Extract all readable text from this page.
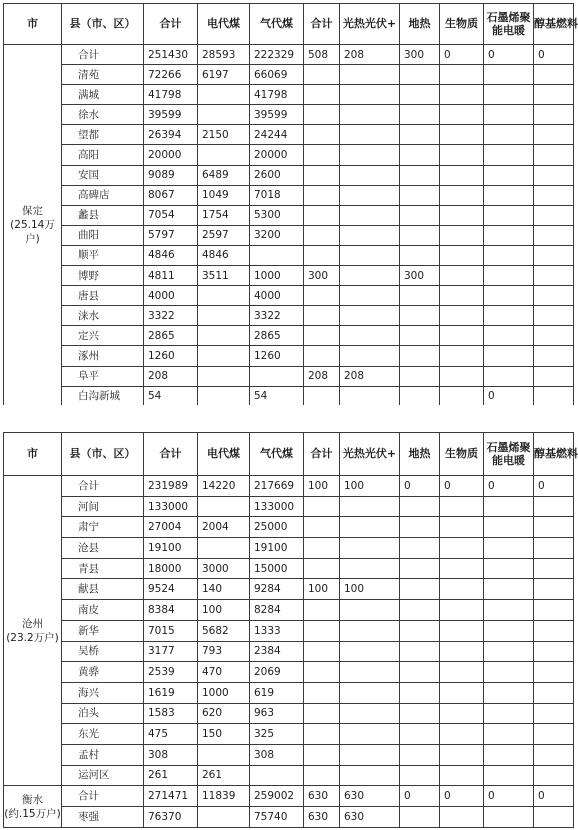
市	县（市、区）	合计	电代煤	气代煤	合计	光热光伏+	地热	生物质	石墨烯聚能电暖	醇基燃料

保定
(25.14万户)	合计	251430	28593	222329	508	208	300	0	0	0
	清苑	72266	6197	66069						
	满城	41798		41798						
	徐水	39599		39599						
	望都	26394	2150	24244						
	高阳	20000		20000						
	安国	9089	6489	2600						
	高碑店	8067	1049	7018						
	蠡县	7054	1754	5300						
	曲阳	5797	2597	3200						
	顺平	4846	4846							
	博野	4811	3511	1000	300		300			
	唐县	4000		4000						
	涞水	3322		3322						
	定兴	2865		2865						
	涿州	1260		1260						
	阜平	208			208	208				
	白沟新城	54		54					0	
市	县（市、区）	合计	电代煤	气代煤	合计	光热光伏+	地热	生物质	石墨烯聚能电暖	醇基燃料

沧州
(23.2万户)	合计	231989	14220	217669	100	100	0	0	0	0
	河间	133000		133000						
	肃宁	27004	2004	25000						
	沧县	19100		19100						
	青县	18000	3000	15000						
	献县	9524	140	9284	100	100				
	南皮	8384	100	8284						
	新华	7015	5682	1333						
	吴桥	3177	793	2384						
	黄骅	2539	470	2069						
	海兴	1619	1000	619						
	泊头	1583	620	963						
	东光	475	150	325						
	孟村	308		308						
	运河区	261	261							

衡水
(约.15万户)	合计	271471	11839	259002	630	630	0	0	0	0
	枣强	76370		75740	630	630				
